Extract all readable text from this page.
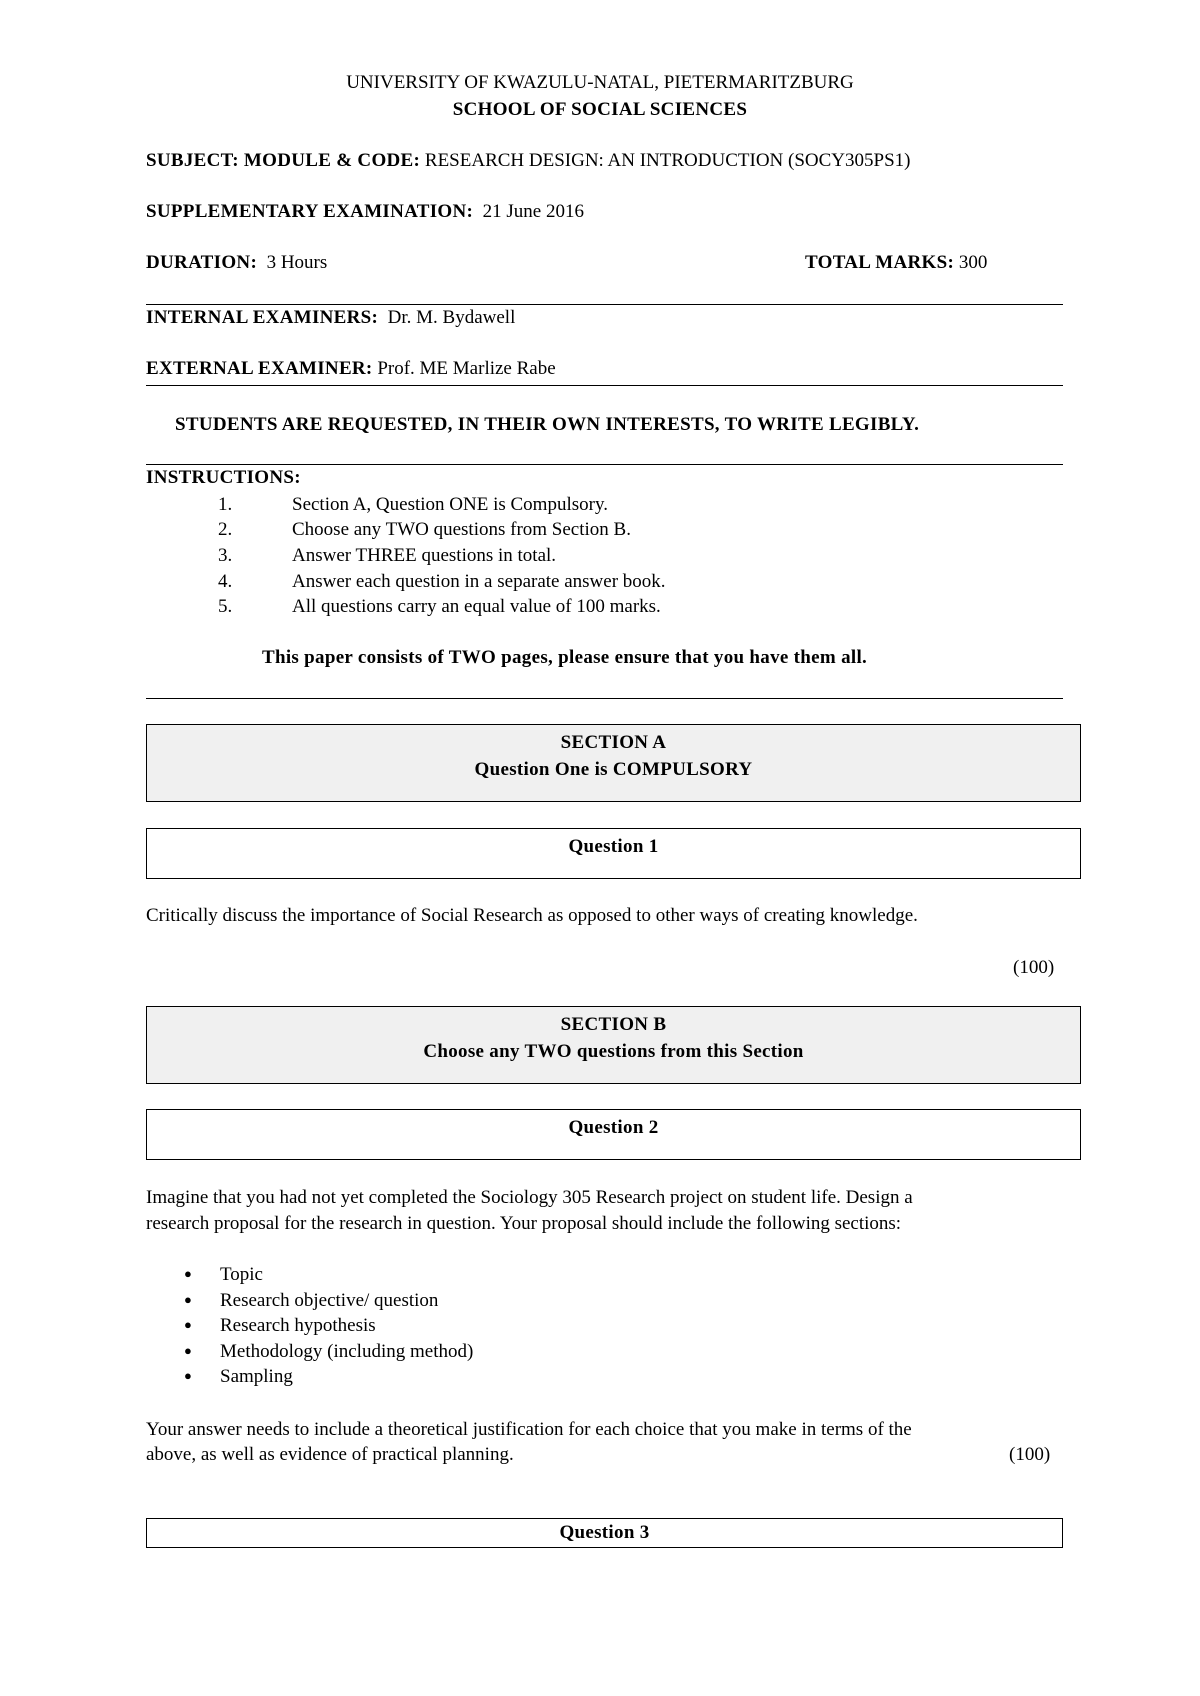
UNIVERSITY OF KWAZULU-NATAL, PIETERMARITZBURG
SCHOOL OF SOCIAL SCIENCES
SUBJECT: MODULE & CODE: RESEARCH DESIGN: AN INTRODUCTION (SOCY305PS1)
SUPPLEMENTARY EXAMINATION: 21 June 2016
DURATION: 3 Hours	TOTAL MARKS: 300
INTERNAL EXAMINERS: Dr. M. Bydawell
EXTERNAL EXAMINER: Prof. ME Marlize Rabe
STUDENTS ARE REQUESTED, IN THEIR OWN INTERESTS, TO WRITE LEGIBLY.
INSTRUCTIONS:
1.	Section A, Question ONE is Compulsory.
2.	Choose any TWO questions from Section B.
3.	Answer THREE questions in total.
4.	Answer each question in a separate answer book.
5.	All questions carry an equal value of 100 marks.
This paper consists of TWO pages, please ensure that you have them all.
SECTION A
Question One is COMPULSORY
Question 1
Critically discuss the importance of Social Research as opposed to other ways of creating knowledge.
(100)
SECTION B
Choose any TWO questions from this Section
Question 2
Imagine that you had not yet completed the Sociology 305 Research project on student life. Design a
research proposal for the research in question. Your proposal should include the following sections:
● Topic
● Research objective/ question
● Research hypothesis
● Methodology (including method)
● Sampling
Your answer needs to include a theoretical justification for each choice that you make in terms of the
above, as well as evidence of practical planning.	(100)
Question 3
